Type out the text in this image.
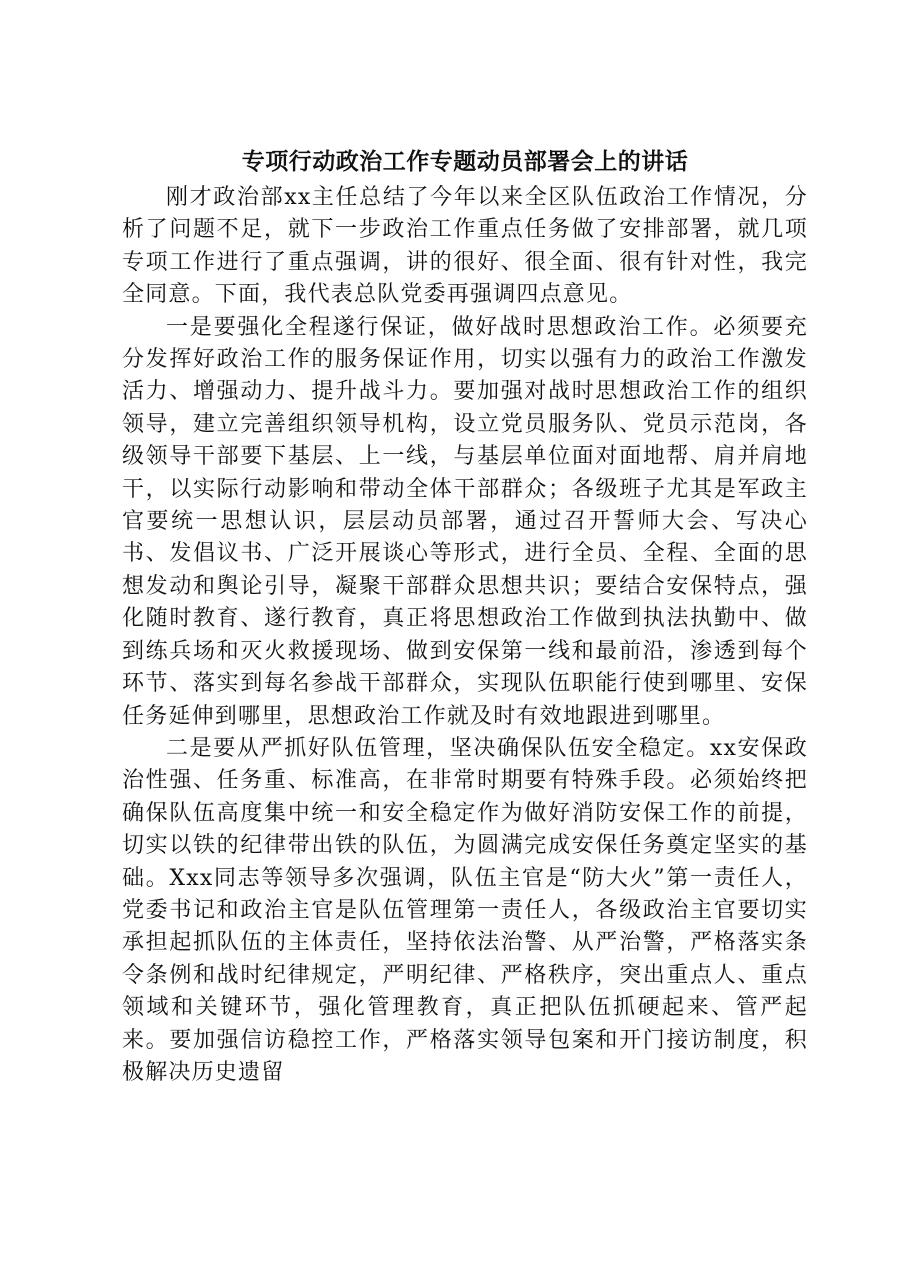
专项行动政治工作专题动员部署会上的讲话

刚才政治部xx主任总结了今年以来全区队伍政治工作情况，分析了问题不足，就下一步政治工作重点任务做了安排部署，就几项专项工作进行了重点强调，讲的很好、很全面、很有针对性，我完全同意。下面，我代表总队党委再强调四点意见。

一是要强化全程遂行保证，做好战时思想政治工作。必须要充分发挥好政治工作的服务保证作用，切实以强有力的政治工作激发活力、增强动力、提升战斗力。要加强对战时思想政治工作的组织领导，建立完善组织领导机构，设立党员服务队、党员示范岗，各级领导干部要下基层、上一线，与基层单位面对面地帮、肩并肩地干，以实际行动影响和带动全体干部群众；各级班子尤其是军政主官要统一思想认识，层层动员部署，通过召开誓师大会、写决心书、发倡议书、广泛开展谈心等形式，进行全员、全程、全面的思想发动和舆论引导，凝聚干部群众思想共识；要结合安保特点，强化随时教育、遂行教育，真正将思想政治工作做到执法执勤中、做到练兵场和灭火救援现场、做到安保第一线和最前沿，渗透到每个环节、落实到每名参战干部群众，实现队伍职能行使到哪里、安保任务延伸到哪里，思想政治工作就及时有效地跟进到哪里。

二是要从严抓好队伍管理，坚决确保队伍安全稳定。xx安保政治性强、任务重、标准高，在非常时期要有特殊手段。必须始终把确保队伍高度集中统一和安全稳定作为做好消防安保工作的前提，切实以铁的纪律带出铁的队伍，为圆满完成安保任务奠定坚实的基础。Xxx同志等领导多次强调，队伍主官是“防大火”第一责任人，党委书记和政治主官是队伍管理第一责任人，各级政治主官要切实承担起抓队伍的主体责任，坚持依法治警、从严治警，严格落实条令条例和战时纪律规定，严明纪律、严格秩序，突出重点人、重点领域和关键环节，强化管理教育，真正把队伍抓硬起来、管严起来。要加强信访稳控工作，严格落实领导包案和开门接访制度，积极解决历史遗留
